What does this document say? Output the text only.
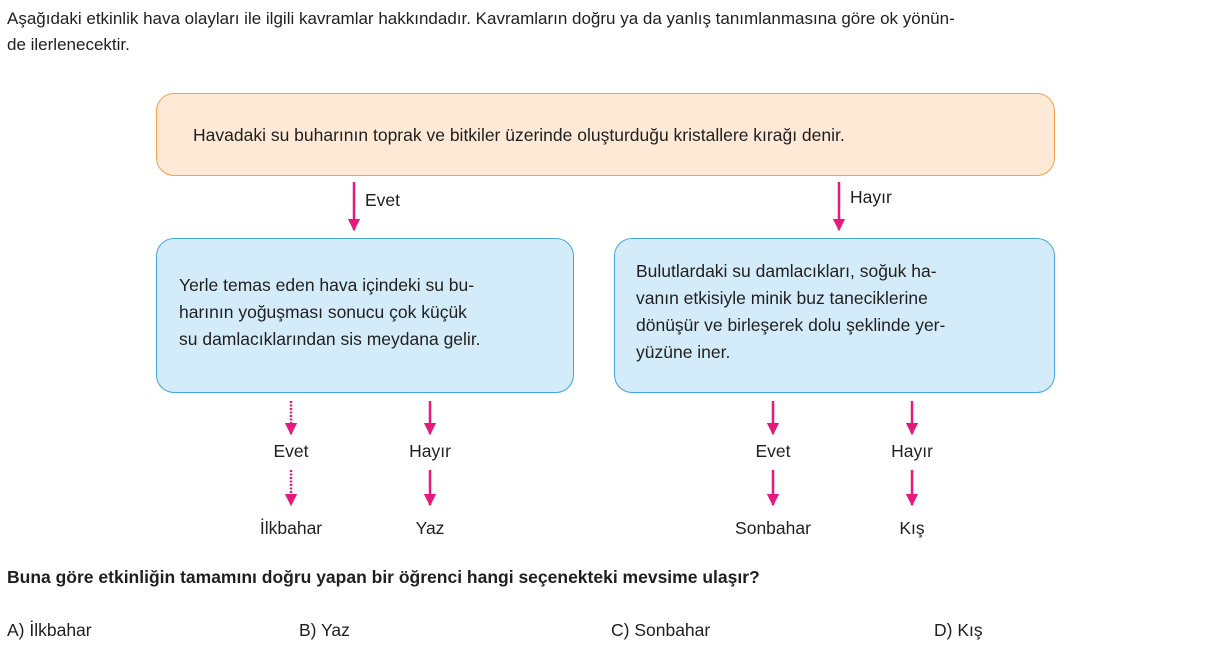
Aşağıdaki etkinlik hava olayları ile ilgili kavramlar hakkındadır. Kavramların doğru ya da yanlış tanımlanmasına göre ok yönün-
de ilerlenecektir.
Havadaki su buharının toprak ve bitkiler üzerinde oluşturduğu kristallere kırağı denir.
Yerle temas eden hava içindeki su bu-
harının yoğuşması sonucu çok küçük
su damlacıklarından sis meydana gelir.
Bulutlardaki su damlacıkları, soğuk ha-
vanın etkisiyle minik buz taneciklerine
dönüşür ve birleşerek dolu şeklinde yer-
yüzüne iner.
Evet	Hayır
Evet	Hayır	Evet	Hayır
İlkbahar	Yaz	Sonbahar	Kış
Buna göre etkinliğin tamamını doğru yapan bir öğrenci hangi seçenekteki mevsime ulaşır?
A) İlkbahar	B) Yaz	C) Sonbahar	D) Kış
